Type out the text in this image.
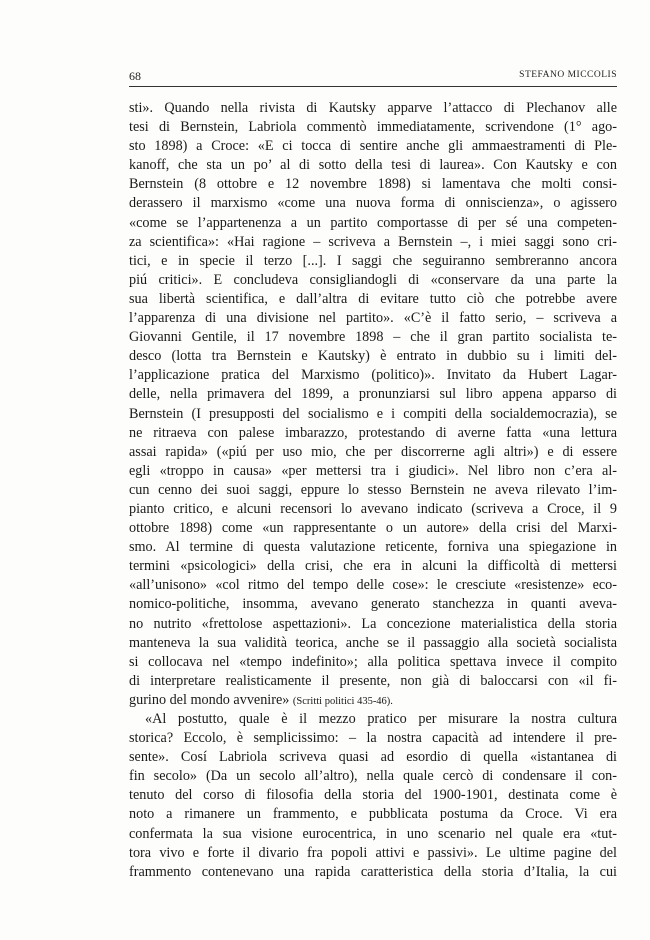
68	STEFANO MICCOLIS
sti». Quando nella rivista di Kautsky apparve l’attacco di Plechanov alle
tesi di Bernstein, Labriola commentò immediatamente, scrivendone (1° ago-
sto 1898) a Croce: «E ci tocca di sentire anche gli ammaestramenti di Ple-
kanoff, che sta un po’ al di sotto della tesi di laurea». Con Kautsky e con
Bernstein (8 ottobre e 12 novembre 1898) si lamentava che molti consi-
derassero il marxismo «come una nuova forma di onniscienza», o agissero
«come se l’appartenenza a un partito comportasse di per sé una competen-
za scientifica»: «Hai ragione – scriveva a Bernstein –, i miei saggi sono cri-
tici, e in specie il terzo [...]. I saggi che seguiranno sembreranno ancora
piú critici». E concludeva consigliandogli di «conservare da una parte la
sua libertà scientifica, e dall’altra di evitare tutto ciò che potrebbe avere
l’apparenza di una divisione nel partito». «C’è il fatto serio, – scriveva a
Giovanni Gentile, il 17 novembre 1898 – che il gran partito socialista te-
desco (lotta tra Bernstein e Kautsky) è entrato in dubbio su i limiti del-
l’applicazione pratica del Marxismo (politico)». Invitato da Hubert Lagar-
delle, nella primavera del 1899, a pronunziarsi sul libro appena apparso di
Bernstein (I presupposti del socialismo e i compiti della socialdemocrazia), se
ne ritraeva con palese imbarazzo, protestando di averne fatta «una lettura
assai rapida» («piú per uso mio, che per discorrerne agli altri») e di essere
egli «troppo in causa» «per mettersi tra i giudici». Nel libro non c’era al-
cun cenno dei suoi saggi, eppure lo stesso Bernstein ne aveva rilevato l’im-
pianto critico, e alcuni recensori lo avevano indicato (scriveva a Croce, il 9
ottobre 1898) come «un rappresentante o un autore» della crisi del Marxi-
smo. Al termine di questa valutazione reticente, forniva una spiegazione in
termini «psicologici» della crisi, che era in alcuni la difficoltà di mettersi
«all’unisono» «col ritmo del tempo delle cose»: le cresciute «resistenze» eco-
nomico-politiche, insomma, avevano generato stanchezza in quanti aveva-
no nutrito «frettolose aspettazioni». La concezione materialistica della storia
manteneva la sua validità teorica, anche se il passaggio alla società socialista
si collocava nel «tempo indefinito»; alla politica spettava invece il compito
di interpretare realisticamente il presente, non già di baloccarsi con «il fi-
gurino del mondo avvenire» (Scritti politici 435-46).
«Al postutto, quale è il mezzo pratico per misurare la nostra cultura
storica? Eccolo, è semplicissimo: – la nostra capacità ad intendere il pre-
sente». Cosí Labriola scriveva quasi ad esordio di quella «istantanea di
fin secolo» (Da un secolo all’altro), nella quale cercò di condensare il con-
tenuto del corso di filosofia della storia del 1900-1901, destinata come è
noto a rimanere un frammento, e pubblicata postuma da Croce. Vi era
confermata la sua visione eurocentrica, in uno scenario nel quale era «tut-
tora vivo e forte il divario fra popoli attivi e passivi». Le ultime pagine del
frammento contenevano una rapida caratteristica della storia d’Italia, la cui
